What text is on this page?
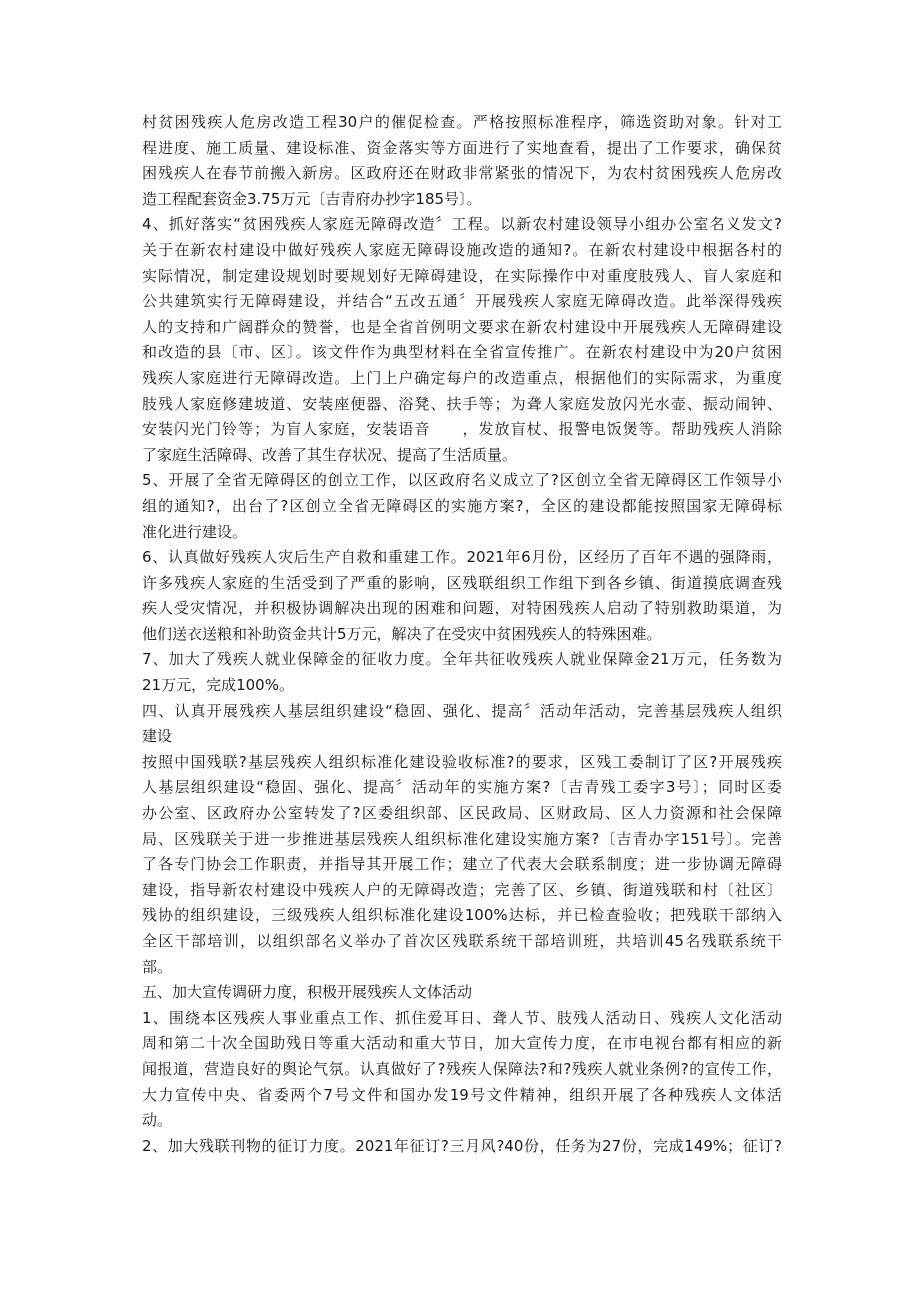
村贫困残疾人危房改造工程30户的催促检查。严格按照标准程序，筛选资助对象。针对工
程进度、施工质量、建设标准、资金落实等方面进行了实地查看，提出了工作要求，确保贫
困残疾人在春节前搬入新房。区政府还在财政非常紧张的情况下，为农村贫困残疾人危房改
造工程配套资金3.75万元〔吉青府办抄字185号〕。
4、抓好落实“贫困残疾人家庭无障碍改造〞工程。以新农村建设领导小组办公室名义发文?
关于在新农村建设中做好残疾人家庭无障碍设施改造的通知?。在新农村建设中根据各村的
实际情况，制定建设规划时要规划好无障碍建设，在实际操作中对重度肢残人、盲人家庭和
公共建筑实行无障碍建设，并结合“五改五通〞开展残疾人家庭无障碍改造。此举深得残疾
人的支持和广阔群众的赞誉，也是全省首例明文要求在新农村建设中开展残疾人无障碍建设
和改造的县〔市、区〕。该文件作为典型材料在全省宣传推广。在新农村建设中为20户贫困
残疾人家庭进行无障碍改造。上门上户确定每户的改造重点，根据他们的实际需求，为重度
肢残人家庭修建坡道、安装座便器、浴凳、扶手等；为聋人家庭发放闪光水壶、振动闹钟、
安装闪光门铃等；为盲人家庭，安装语音　　，发放盲杖、报警电饭煲等。帮助残疾人消除
了家庭生活障碍、改善了其生存状况、提高了生活质量。
5、开展了全省无障碍区的创立工作，以区政府名义成立了?区创立全省无障碍区工作领导小
组的通知?，出台了?区创立全省无障碍区的实施方案?，全区的建设都能按照国家无障碍标
准化进行建设。
6、认真做好残疾人灾后生产自救和重建工作。2021年6月份，区经历了百年不遇的强降雨，
许多残疾人家庭的生活受到了严重的影响，区残联组织工作组下到各乡镇、街道摸底调查残
疾人受灾情况，并积极协调解决出现的困难和问题，对特困残疾人启动了特别救助渠道，为
他们送衣送粮和补助资金共计5万元，解决了在受灾中贫困残疾人的特殊困难。
7、加大了残疾人就业保障金的征收力度。全年共征收残疾人就业保障金21万元，任务数为
21万元，完成100%。
四、认真开展残疾人基层组织建设“稳固、强化、提高〞活动年活动，完善基层残疾人组织
建设
按照中国残联?基层残疾人组织标准化建设验收标准?的要求，区残工委制订了区?开展残疾
人基层组织建设“稳固、强化、提高〞活动年的实施方案?〔吉青残工委字3号〕；同时区委
办公室、区政府办公室转发了?区委组织部、区民政局、区财政局、区人力资源和社会保障
局、区残联关于进一步推进基层残疾人组织标准化建设实施方案?〔吉青办字151号〕。完善
了各专门协会工作职责，并指导其开展工作；建立了代表大会联系制度；进一步协调无障碍
建设，指导新农村建设中残疾人户的无障碍改造；完善了区、乡镇、街道残联和村〔社区〕
残协的组织建设，三级残疾人组织标准化建设100%达标，并已检查验收；把残联干部纳入
全区干部培训，以组织部名义举办了首次区残联系统干部培训班，共培训45名残联系统干
部。
五、加大宣传调研力度，积极开展残疾人文体活动
1、围绕本区残疾人事业重点工作、抓住爱耳日、聋人节、肢残人活动日、残疾人文化活动
周和第二十次全国助残日等重大活动和重大节日，加大宣传力度，在市电视台都有相应的新
闻报道，营造良好的舆论气氛。认真做好了?残疾人保障法?和?残疾人就业条例?的宣传工作，
大力宣传中央、省委两个7号文件和国办发19号文件精神，组织开展了各种残疾人文体活
动。
2、加大残联刊物的征订力度。2021年征订?三月风?40份，任务为27份，完成149%；征订?
